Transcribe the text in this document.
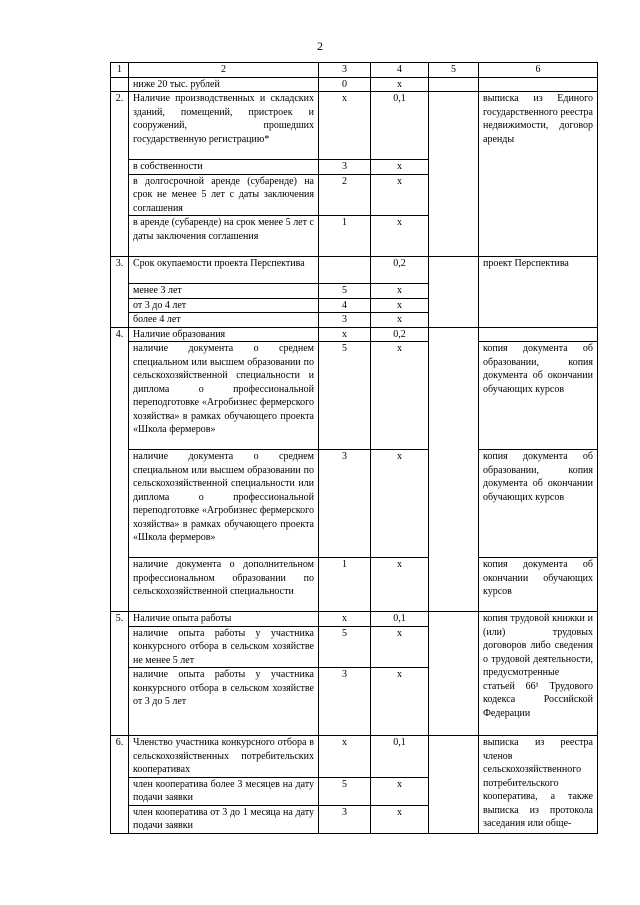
2
1	2	3	4	5	6
	ниже 20 тыс. рублей	0	х		
2.	Наличие производственных и складских зданий, помещений, пристроек и сооружений, прошедших государственную регистрацию*	х	0,1		выписка из Единого государственного реестра недвижимости, договор аренды
	в собственности	3	х		
	в долгосрочной аренде (субаренде) на срок не менее 5 лет с даты заключения соглашения	2	х		
	в аренде (субаренде) на срок менее 5 лет с даты заключения соглашения	1	х		
3.	Срок окупаемости проекта Перспектива		0,2		проект Перспектива
	менее 3 лет	5	х		
	от 3 до 4 лет	4	х		
	более 4 лет	3	х		
4.	Наличие образования	х	0,2		
	наличие документа о среднем специальном или высшем образовании по сельскохозяйственной специальности и диплома о профессиональной переподготовке «Агробизнес фермерского хозяйства» в рамках обучающего проекта «Школа фермеров»	5	х		копия документа об образовании, копия документа об окончании обучающих курсов
	наличие документа о среднем специальном или высшем образовании по сельскохозяйственной специальности или диплома о профессиональной переподготовке «Агробизнес фермерского хозяйства» в рамках обучающего проекта «Школа фермеров»	3	х		копия документа об образовании, копия документа об окончании обучающих курсов
	наличие документа о дополнительном профессиональном образовании по сельскохозяйственной специальности	1	х		копия документа об окончании обучающих курсов
5.	Наличие опыта работы	х	0,1		копия трудовой книжки и (или) трудовых договоров либо сведения о трудовой деятельности, предусмотренные статьей 66¹ Трудового кодекса Российской Федерации
	наличие опыта работы у участника конкурсного отбора в сельском хозяйстве не менее 5 лет	5	х		
	наличие опыта работы у участника конкурсного отбора в сельском хозяйстве от 3 до 5 лет	3	х		
6.	Членство участника конкурсного отбора в сельскохозяйственных потребительских кооперативах	х	0,1		выписка из реестра членов сельскохозяйственного потребительского кооператива, а также выписка из протокола заседания или обще-
	член кооператива более 3 месяцев на дату подачи заявки	5	х		
	член кооператива от 3 до 1 месяца на дату подачи заявки	3	х		
